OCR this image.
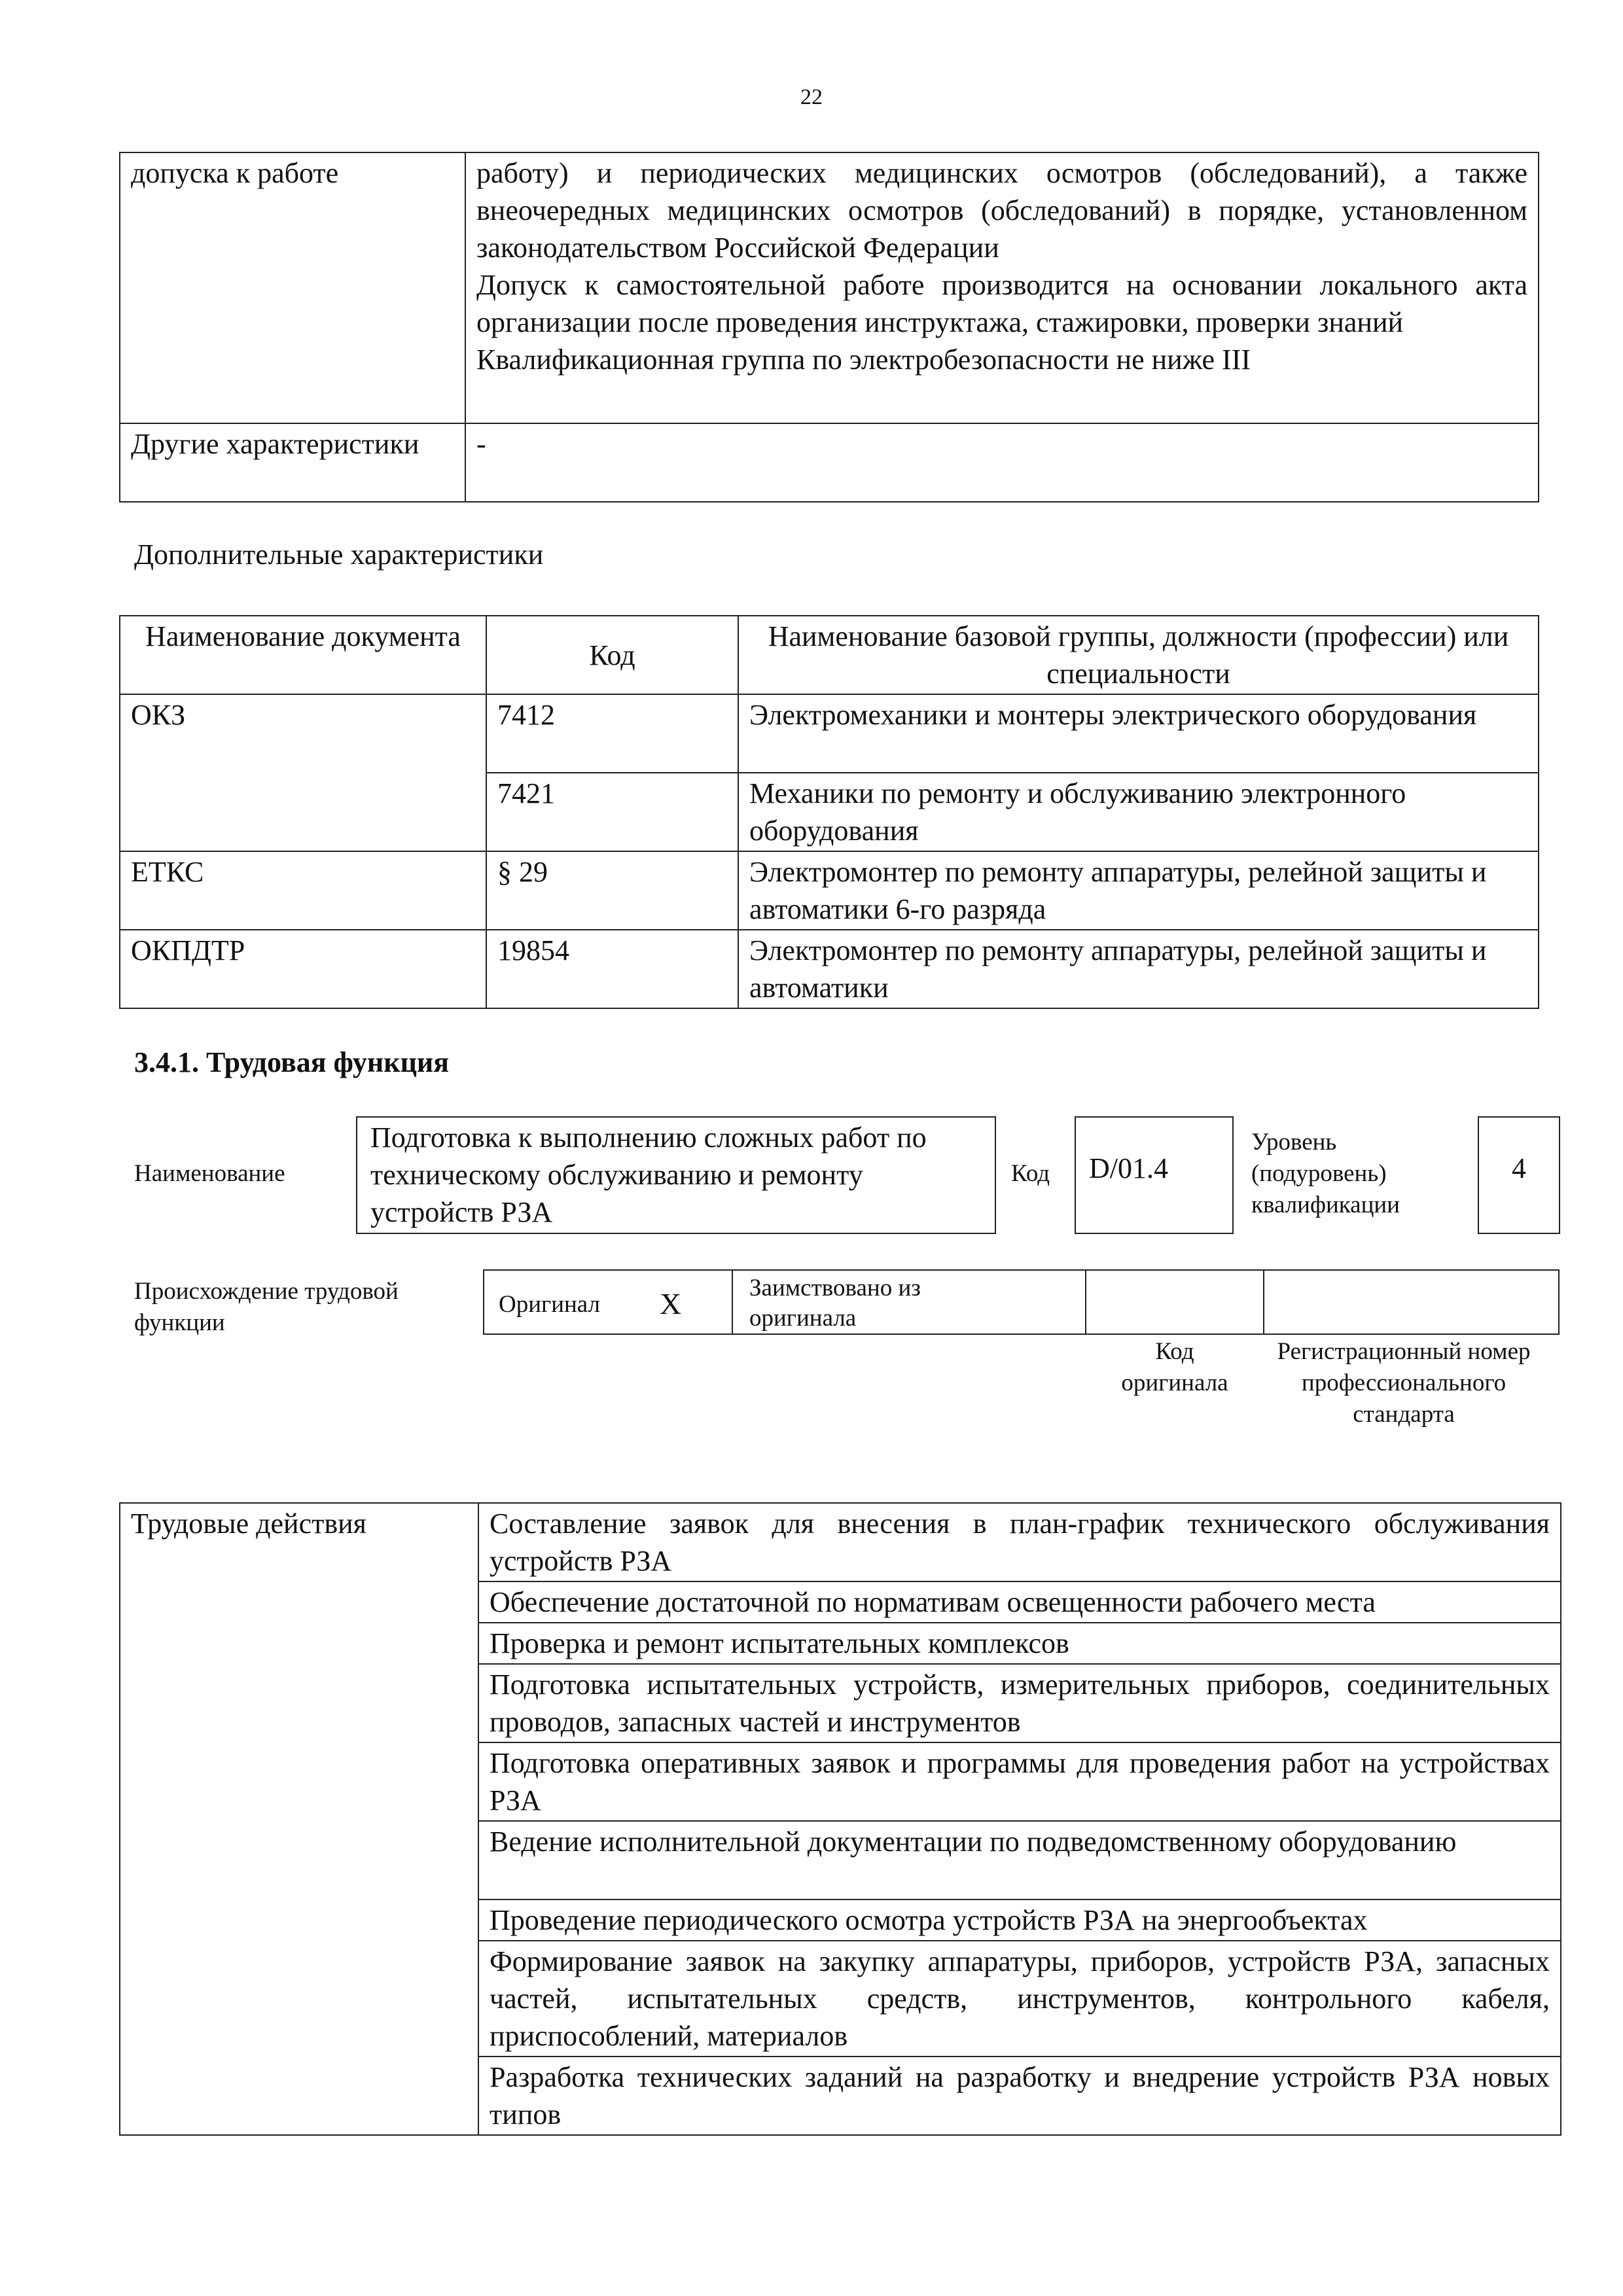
22
допуска к работе	работу) и периодических медицинских осмотров (обследований), а также внеочередных медицинских осмотров (обследований) в порядке, установленном законодательством Российской Федерации
Допуск к самостоятельной работе производится на основании локального акта организации после проведения инструктажа, стажировки, проверки знаний
Квалификационная группа по электробезопасности не ниже III

Другие характеристики	-
Дополнительные характеристики
Наименование документа	Код	Наименование базовой группы, должности (профессии) или специальности
ОКЗ	7412	Электромеханики и монтеры электрического оборудования
	7421	Механики по ремонту и обслуживанию электронного оборудования
ЕТКС	§ 29	Электромонтер по ремонту аппаратуры, релейной защиты и автоматики 6-го разряда
ОКПДТР	19854	Электромонтер по ремонту аппаратуры, релейной защиты и автоматики
3.4.1. Трудовая функция
Наименование
Подготовка к выполнению сложных работ по техническому обслуживанию и ремонту устройств РЗА
Код D/01.4
Уровень (подуровень) квалификации
4
Происхождение трудовой функции
Оригинал X	Заимствовано из оригинала
Код оригинала
Регистрационный номер профессионального стандарта
Трудовые действия	Составление заявок для внесения в план-график технического обслуживания устройств РЗА
Обеспечение достаточной по нормативам освещенности рабочего места
Проверка и ремонт испытательных комплексов
Подготовка испытательных устройств, измерительных приборов, соединительных проводов, запасных частей и инструментов
Подготовка оперативных заявок и программы для проведения работ на устройствах РЗА
Ведение исполнительной документации по подведомственному оборудованию
Проведение периодического осмотра устройств РЗА на энергообъектах
Формирование заявок на закупку аппаратуры, приборов, устройств РЗА, запасных частей, испытательных средств, инструментов, контрольного кабеля, приспособлений, материалов
Разработка технических заданий на разработку и внедрение устройств РЗА новых типов
